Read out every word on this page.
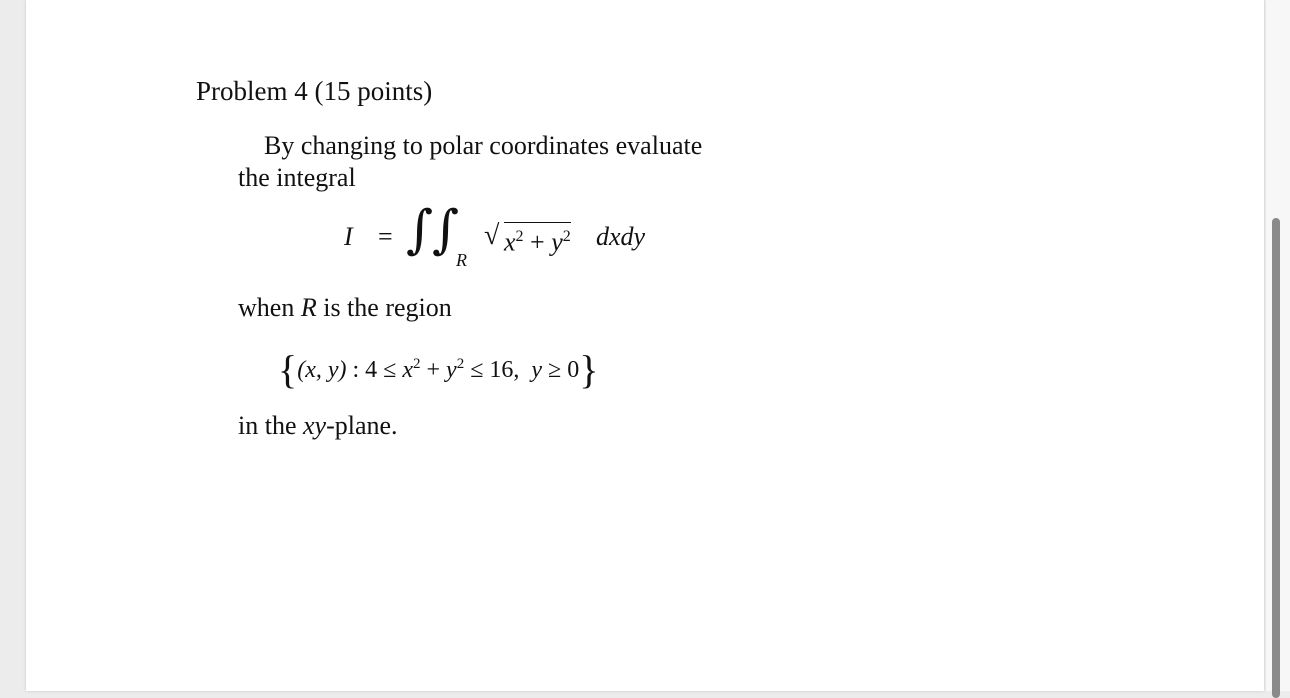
Problem 4 (15 points)
By changing to polar coordinates evaluate
the integral
I = ∫
∫
R
√ $x^2 + y^2$ dxdy
when R is the region
{(x, y) : $4 \le x^2 + y^2 \le 16$, y ≥ 0}
in the xy-plane.
